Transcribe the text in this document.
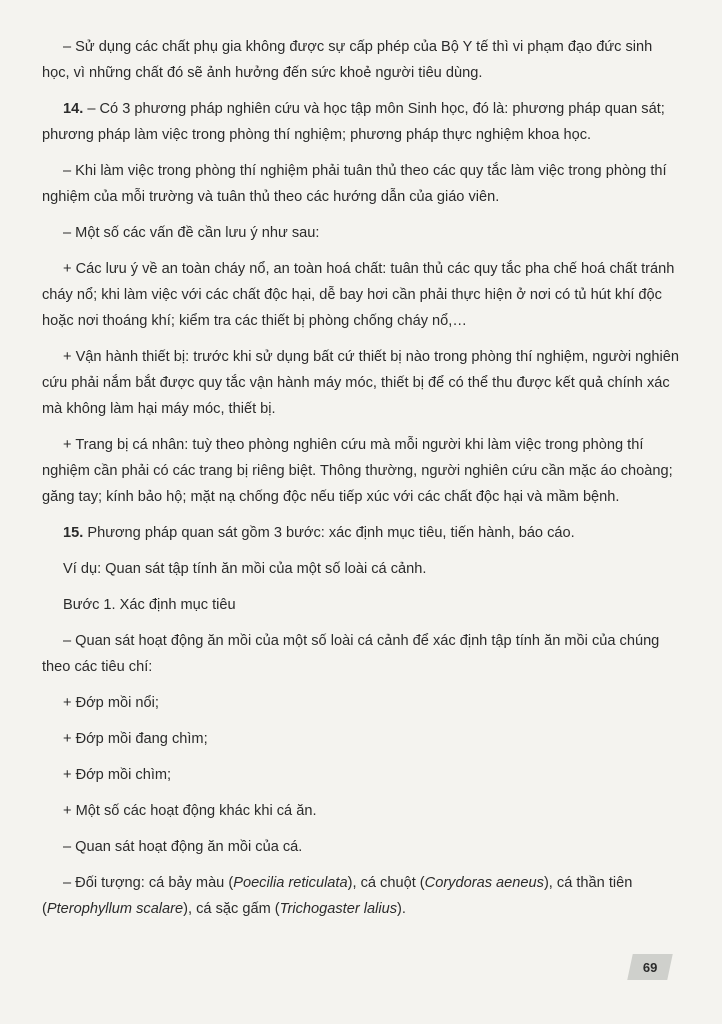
– Sử dụng các chất phụ gia không được sự cấp phép của Bộ Y tế thì vi phạm đạo đức sinh học, vì những chất đó sẽ ảnh hưởng đến sức khoẻ người tiêu dùng.

14. – Có 3 phương pháp nghiên cứu và học tập môn Sinh học, đó là: phương pháp quan sát; phương pháp làm việc trong phòng thí nghiệm; phương pháp thực nghiệm khoa học.

– Khi làm việc trong phòng thí nghiệm phải tuân thủ theo các quy tắc làm việc trong phòng thí nghiệm của mỗi trường và tuân thủ theo các hướng dẫn của giáo viên.

– Một số các vấn đề cần lưu ý như sau:

+ Các lưu ý về an toàn cháy nổ, an toàn hoá chất: tuân thủ các quy tắc pha chế hoá chất tránh cháy nổ; khi làm việc với các chất độc hại, dễ bay hơi cần phải thực hiện ở nơi có tủ hút khí độc hoặc nơi thoáng khí; kiểm tra các thiết bị phòng chống cháy nổ,…

+ Vận hành thiết bị: trước khi sử dụng bất cứ thiết bị nào trong phòng thí nghiệm, người nghiên cứu phải nắm bắt được quy tắc vận hành máy móc, thiết bị để có thể thu được kết quả chính xác mà không làm hại máy móc, thiết bị.

+ Trang bị cá nhân: tuỳ theo phòng nghiên cứu mà mỗi người khi làm việc trong phòng thí nghiệm cần phải có các trang bị riêng biệt. Thông thường, người nghiên cứu cần mặc áo choàng; găng tay; kính bảo hộ; mặt nạ chống độc nếu tiếp xúc với các chất độc hại và mầm bệnh.

15. Phương pháp quan sát gồm 3 bước: xác định mục tiêu, tiến hành, báo cáo.

Ví dụ: Quan sát tập tính ăn mồi của một số loài cá cảnh.

Bước 1. Xác định mục tiêu

– Quan sát hoạt động ăn mồi của một số loài cá cảnh để xác định tập tính ăn mồi của chúng theo các tiêu chí:

+ Đớp mồi nổi;

+ Đớp mồi đang chìm;

+ Đớp mồi chìm;

+ Một số các hoạt động khác khi cá ăn.

– Quan sát hoạt động ăn mồi của cá.

– Đối tượng: cá bảy màu (Poecilia reticulata), cá chuột (Corydoras aeneus), cá thần tiên (Pterophyllum scalare), cá sặc gấm (Trichogaster lalius).

69
